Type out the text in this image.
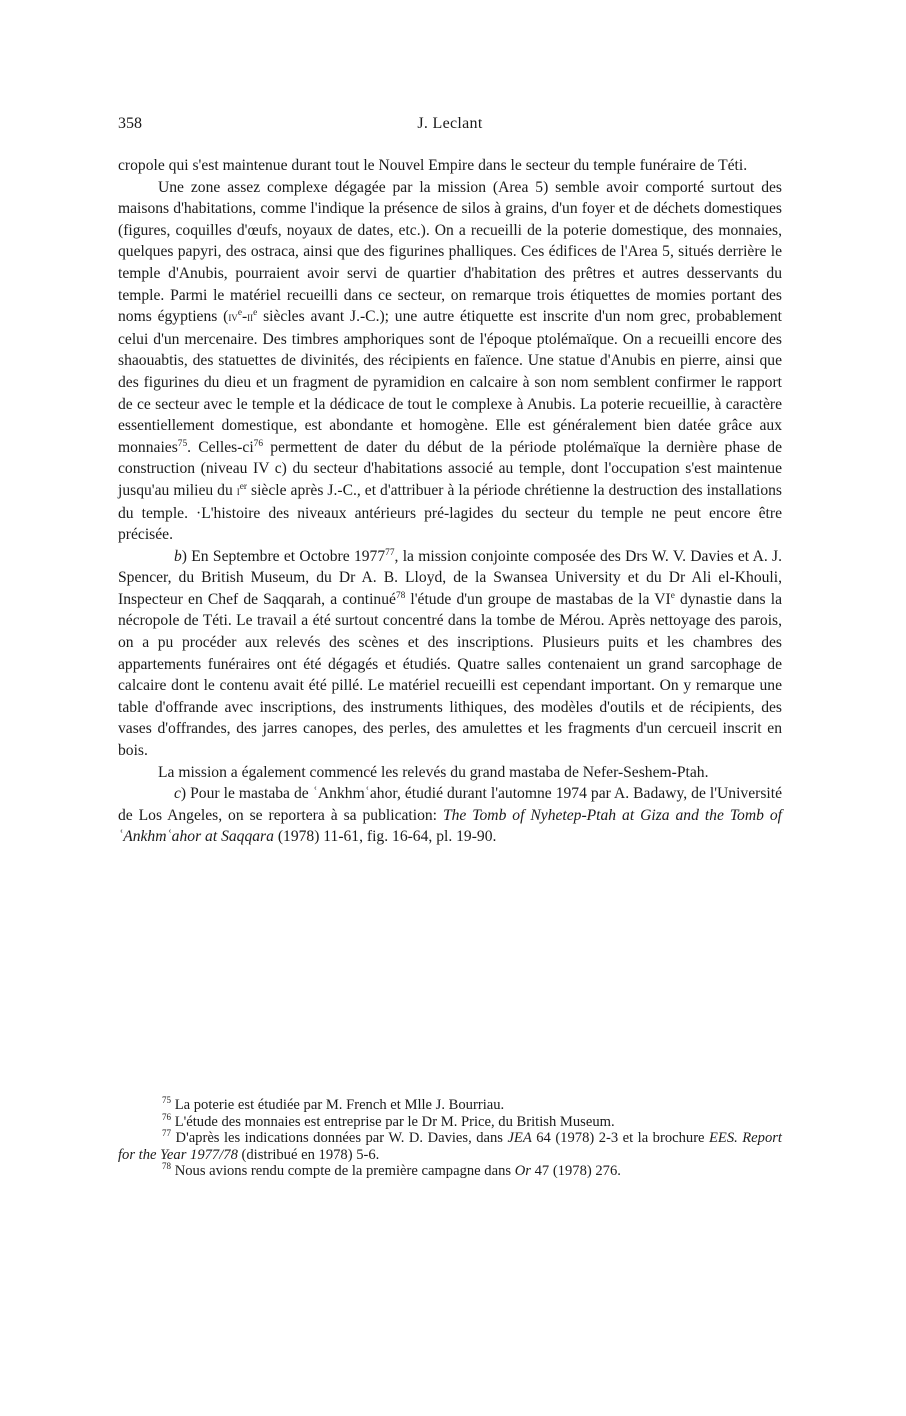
358	J. Leclant

cropole qui s'est maintenue durant tout le Nouvel Empire dans le secteur du temple funéraire de Téti.

Une zone assez complexe dégagée par la mission (Area 5) semble avoir comporté surtout des maisons d'habitations, comme l'indique la présence de silos à grains, d'un foyer et de déchets domestiques (figures, coquilles d'œufs, noyaux de dates, etc.). On a recueilli de la poterie domestique, des monnaies, quelques papyri, des ostraca, ainsi que des figurines phalliques. Ces édifices de l'Area 5, situés derrière le temple d'Anubis, pourraient avoir servi de quartier d'habitation des prêtres et autres desservants du temple. Parmi le matériel recueilli dans ce secteur, on remarque trois étiquettes de momies portant des noms égyptiens ($iv^e-ii^e$ siècles avant J.-C.); une autre étiquette est inscrite d'un nom grec, probablement celui d'un mercenaire. Des timbres amphoriques sont de l'époque ptolémaïque. On a recueilli encore des shaouabtis, des statuettes de divinités, des récipients en faïence. Une statue d'Anubis en pierre, ainsi que des figurines du dieu et un fragment de pyramidion en calcaire à son nom semblent confirmer le rapport de ce secteur avec le temple et la dédicace de tout le complexe à Anubis. La poterie recueillie, à caractère essentiellement domestique, est abondante et homogène. Elle est généralement bien datée grâce aux monnaies$^{75}$. Celles-$ci^{76}$ permettent de dater du début de la période ptolémaïque la dernière phase de construction (niveau IV c) du secteur d'habitations associé au temple, dont l'occupation s'est maintenue jusqu'au milieu du $i^{er}$ siècle après J.-C., et d'attribuer à la période chrétienne la destruction des installations du temple. ·L'histoire des niveaux antérieurs pré-lagides du secteur du temple ne peut encore être précisée.

b) En Septembre et Octobre 1977$^{77}$, la mission conjointe composée des Drs W. V. Davies et A. J. Spencer, du British Museum, du Dr A. B. Lloyd, de la Swansea University et du Dr Ali el-Khouli, Inspecteur en Chef de Saqqarah, a continué$^{78}$ l'étude d'un groupe de mastabas de la VIe dynastie dans la nécropole de Téti. Le travail a été surtout concentré dans la tombe de Mérou. Après nettoyage des parois, on a pu procéder aux relevés des scènes et des inscriptions. Plusieurs puits et les chambres des appartements funéraires ont été dégagés et étudiés. Quatre salles contenaient un grand sarcophage de calcaire dont le contenu avait été pillé. Le matériel recueilli est cependant important. On y remarque une table d'offrande avec inscriptions, des instruments lithiques, des modèles d'outils et de récipients, des vases d'offrandes, des jarres canopes, des perles, des amulettes et les fragments d'un cercueil inscrit en bois.

La mission a également commencé les relevés du grand mastaba de Nefer-Seshem-Ptah.

c) Pour le mastaba de ʿAnkhmʿahor, étudié durant l'automne 1974 par A. Badawy, de l'Université de Los Angeles, on se reportera à sa publication: The Tomb of Nyhetep-Ptah at Giza and the Tomb of ʿAnkhmʿahor at Saqqara (1978) 11-61, fig. 16-64, pl. 19-90.

$^{75}$ La poterie est étudiée par M. French et Mlle J. Bourriau.

$^{76}$ L'étude des monnaies est entreprise par le Dr M. Price, du British Museum.

$^{77}$ D'après les indications données par W. D. Davies, dans JEA 64 (1978) 2-3 et la brochure EES. Report for the Year 1977/78 (distribué en 1978) 5-6.

$^{78}$ Nous avions rendu compte de la première campagne dans Or 47 (1978) 276.
